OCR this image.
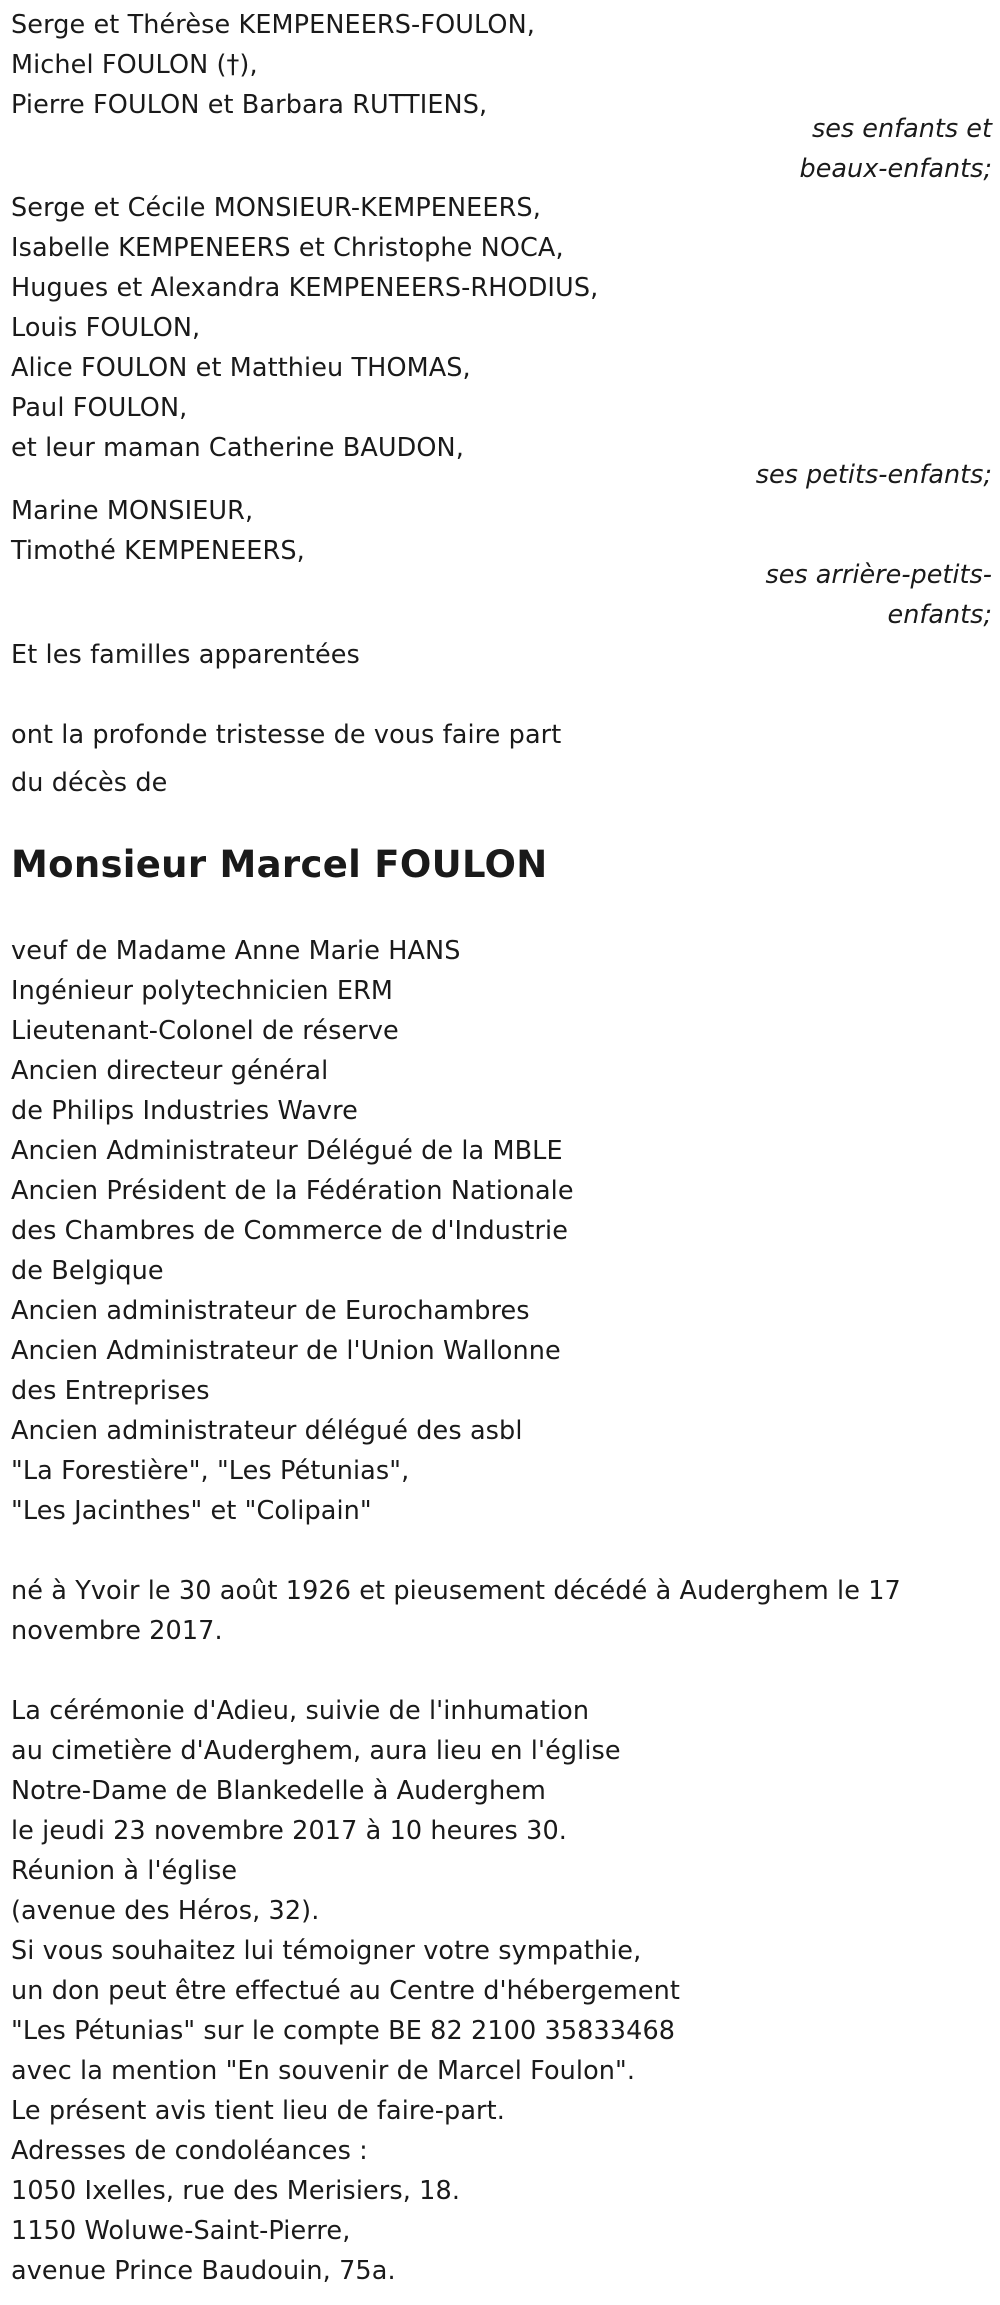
Serge et Thérèse KEMPENEERS-FOULON,
Michel FOULON (†),
Pierre FOULON et Barbara RUTTIENS,
ses enfants et
beaux-enfants;
Serge et Cécile MONSIEUR-KEMPENEERS,
Isabelle KEMPENEERS et Christophe NOCA,
Hugues et Alexandra KEMPENEERS-RHODIUS,
Louis FOULON,
Alice FOULON et Matthieu THOMAS,
Paul FOULON,
et leur maman Catherine BAUDON,
ses petits-enfants;
Marine MONSIEUR,
Timothé KEMPENEERS,
ses arrière-petits-
enfants;
Et les familles apparentées
ont la profonde tristesse de vous faire part
du décès de
Monsieur Marcel FOULON
veuf de Madame Anne Marie HANS
Ingénieur polytechnicien ERM
Lieutenant-Colonel de réserve
Ancien directeur général
de Philips Industries Wavre
Ancien Administrateur Délégué de la MBLE
Ancien Président de la Fédération Nationale
des Chambres de Commerce de d'Industrie
de Belgique
Ancien administrateur de Eurochambres
Ancien Administrateur de l'Union Wallonne
des Entreprises
Ancien administrateur délégué des asbl
"La Forestière", "Les Pétunias",
"Les Jacinthes" et "Colipain"
né à Yvoir le 30 août 1926 et pieusement décédé à Auderghem le 17
novembre 2017.
La cérémonie d'Adieu, suivie de l'inhumation
au cimetière d'Auderghem, aura lieu en l'église
Notre-Dame de Blankedelle à Auderghem
le jeudi 23 novembre 2017 à 10 heures 30.
Réunion à l'église
(avenue des Héros, 32).
Si vous souhaitez lui témoigner votre sympathie,
un don peut être effectué au Centre d'hébergement
"Les Pétunias" sur le compte BE 82 2100 35833468
avec la mention "En souvenir de Marcel Foulon".
Le présent avis tient lieu de faire-part.
Adresses de condoléances :
1050 Ixelles, rue des Merisiers, 18.
1150 Woluwe-Saint-Pierre,
avenue Prince Baudouin, 75a.
